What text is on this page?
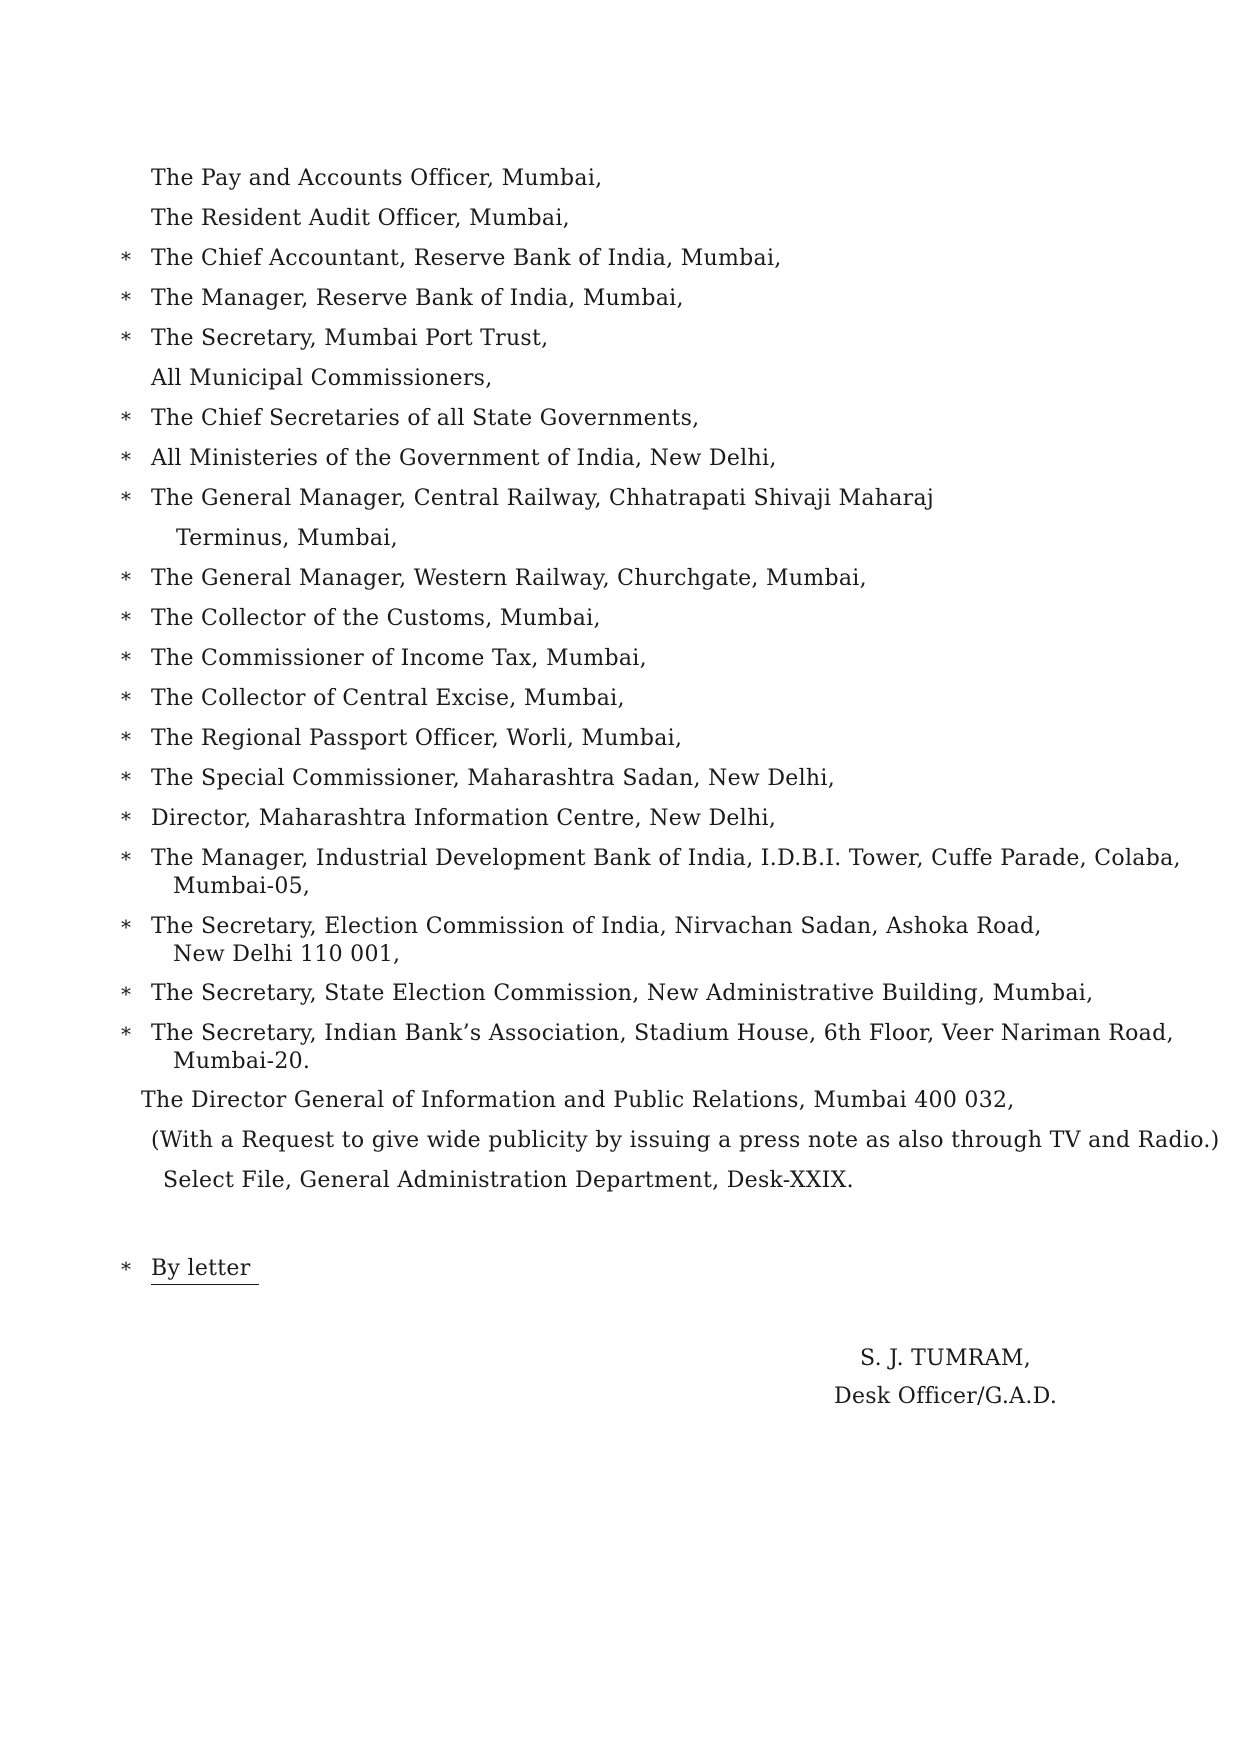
The Pay and Accounts Officer, Mumbai,
The Resident Audit Officer, Mumbai,
* The Chief Accountant, Reserve Bank of India, Mumbai,
* The Manager, Reserve Bank of India, Mumbai,
* The Secretary, Mumbai Port Trust,
All Municipal Commissioners,
* The Chief Secretaries of all State Governments,
* All Ministeries of the Government of India, New Delhi,
* The General Manager, Central Railway, Chhatrapati Shivaji Maharaj
Terminus, Mumbai,
* The General Manager, Western Railway, Churchgate, Mumbai,
* The Collector of the Customs, Mumbai,
* The Commissioner of Income Tax, Mumbai,
* The Collector of Central Excise, Mumbai,
* The Regional Passport Officer, Worli, Mumbai,
* The Special Commissioner, Maharashtra Sadan, New Delhi,
* Director, Maharashtra Information Centre, New Delhi,
* The Manager, Industrial Development Bank of India, I.D.B.I. Tower, Cuffe Parade, Colaba,
Mumbai-05,
* The Secretary, Election Commission of India, Nirvachan Sadan, Ashoka Road,
New Delhi 110 001,
* The Secretary, State Election Commission, New Administrative Building, Mumbai,
* The Secretary, Indian Bank’s Association, Stadium House, 6th Floor, Veer Nariman Road,
Mumbai-20.
The Director General of Information and Public Relations, Mumbai 400 032,
(With a Request to give wide publicity by issuing a press note as also through TV and Radio.)
Select File, General Administration Department, Desk-XXIX.
* By letter
S. J. TUMRAM,
Desk Officer/G.A.D.
